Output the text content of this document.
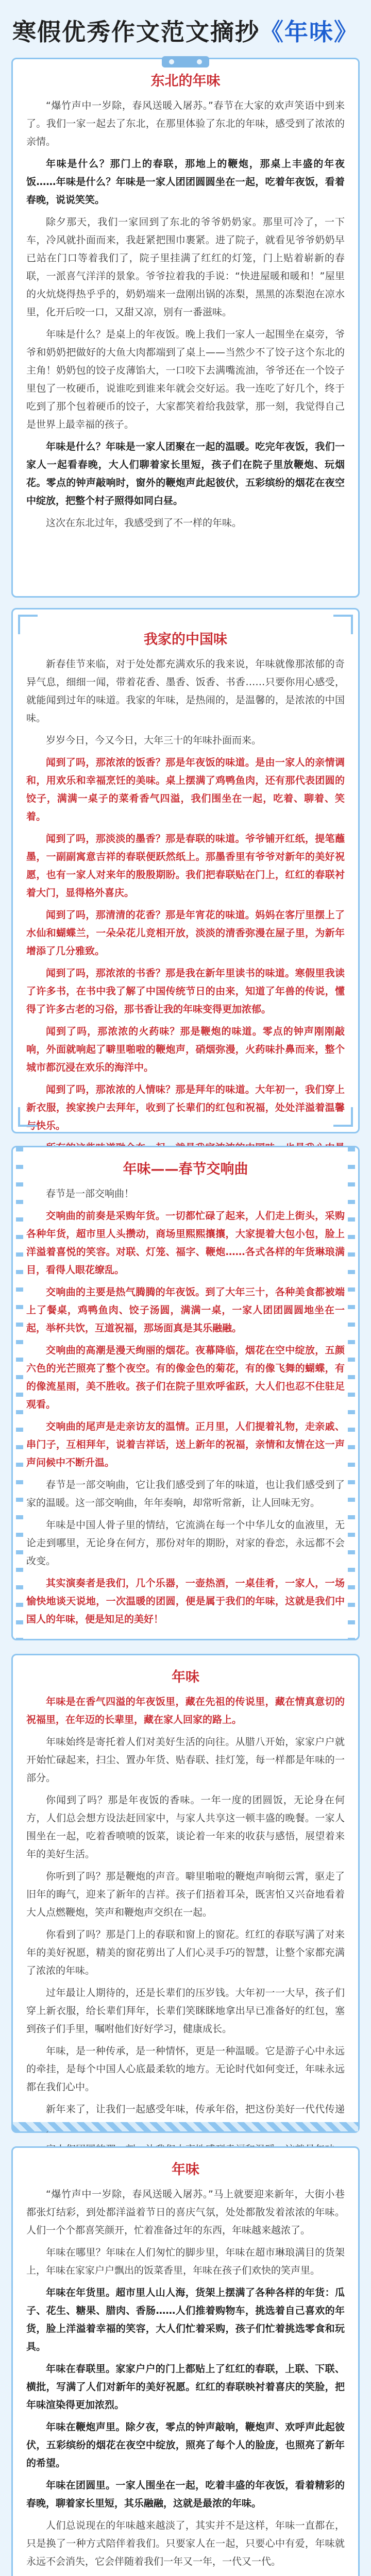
寒假优秀作文范文摘抄《年味》
东北的年味

“爆竹声中一岁除，春风送暖入屠苏。”春节在大家的欢声笑语中到来了。我们一家一起去了东北，在那里体验了东北的年味，感受到了浓浓的亲情。

年味是什么？那门上的春联，那地上的鞭炮，那桌上丰盛的年夜饭……年味是什么？年味是一家人团团圆圆坐在一起，吃着年夜饭，看着春晚，说说笑笑。

除夕那天，我们一家回到了东北的爷爷奶奶家。那里可冷了，一下车，冷风就扑面而来，我赶紧把围巾裹紧。进了院子，就看见爷爷奶奶早已站在门口等着我们了，院子里挂满了红红的灯笼，门上贴着崭新的春联，一派喜气洋洋的景象。爷爷拉着我的手说：“快进屋暖和暖和！”屋里的火炕烧得热乎乎的，奶奶端来一盘刚出锅的冻梨，黑黑的冻梨泡在凉水里，化开后咬一口，又甜又凉，别有一番滋味。

年味是什么？是桌上的年夜饭。晚上我们一家人一起围坐在桌旁，爷爷和奶奶把做好的大鱼大肉都端到了桌上——当然少不了饺子这个东北的主角！奶奶包的饺子皮薄馅大，一口咬下去满嘴流油，爷爷还在一个饺子里包了一枚硬币，说谁吃到谁来年就会交好运。我一连吃了好几个，终于吃到了那个包着硬币的饺子，大家都笑着给我鼓掌，那一刻，我觉得自己是世界上最幸福的孩子。

年味是什么？年味是一家人团聚在一起的温暖。吃完年夜饭，我们一家人一起看春晚，大人们聊着家长里短，孩子们在院子里放鞭炮、玩烟花。零点的钟声敲响时，窗外的鞭炮声此起彼伏，五彩缤纷的烟花在夜空中绽放，把整个村子照得如同白昼。

这次在东北过年，我感受到了不一样的年味。

我家的中国味

新春佳节来临，对于处处都充满欢乐的我来说，年味就像那浓郁的奇异气息，细细一闻，带着花香、墨香、饭香、书香……只要你用心感受，就能闻到过年的味道。我家的年味，是热闹的，是温馨的，是浓浓的中国味。

岁岁今日，今又今日，大年三十的年味扑面而来。

闻到了吗，那浓浓的饭香？那是年夜饭的味道。是由一家人的亲情调和，用欢乐和幸福烹饪的美味。桌上摆满了鸡鸭鱼肉，还有那代表团圆的饺子，满满一桌子的菜肴香气四溢，我们围坐在一起，吃着、聊着、笑着。

闻到了吗，那淡淡的墨香？那是春联的味道。爷爷铺开红纸，提笔蘸墨，一副副寓意吉祥的春联便跃然纸上。那墨香里有爷爷对新年的美好祝愿，也有一家人对来年的殷殷期盼。我们把春联贴在门上，红红的春联衬着大门，显得格外喜庆。

闻到了吗，那清清的花香？那是年宵花的味道。妈妈在客厅里摆上了水仙和蝴蝶兰，一朵朵花儿竞相开放，淡淡的清香弥漫在屋子里，为新年增添了几分雅致。

闻到了吗，那浓浓的书香？那是我在新年里读书的味道。寒假里我读了许多书，在书中我了解了中国传统节日的由来，知道了年兽的传说，懂得了许多古老的习俗，那书香让我的年味变得更加浓郁。

闻到了吗，那浓浓的火药味？那是鞭炮的味道。零点的钟声刚刚敲响，外面就响起了噼里啪啦的鞭炮声，硝烟弥漫，火药味扑鼻而来，整个城市都沉浸在欢乐的海洋中。

闻到了吗，那浓浓的人情味？那是拜年的味道。大年初一，我们穿上新衣服，挨家挨户去拜年，收到了长辈们的红包和祝福，处处洋溢着温馨与快乐。

年味——春节交响曲

春节是一部交响曲！

交响曲的前奏是采购年货。一切都忙碌了起来，人们走上街头，采购各种年货，超市里人头攒动，商场里熙熙攘攘，大家提着大包小包，脸上洋溢着喜悦的笑容。对联、灯笼、福字、鞭炮……各式各样的年货琳琅满目，看得人眼花缭乱。

交响曲的主要是热气腾腾的年夜饭。到了大年三十，各种美食都被端上了餐桌，鸡鸭鱼肉、饺子汤圆，满满一桌，一家人团团圆圆地坐在一起，举杯共饮，互道祝福，那场面真是其乐融融。

交响曲的高潮是漫天绚丽的烟花。夜幕降临，烟花在空中绽放，五颜六色的光芒照亮了整个夜空。有的像金色的菊花，有的像飞舞的蝴蝶，有的像流星雨，美不胜收。孩子们在院子里欢呼雀跃，大人们也忍不住驻足观看。

交响曲的尾声是走亲访友的温情。正月里，人们提着礼物，走亲戚、串门子，互相拜年，说着吉祥话，送上新年的祝福，亲情和友情在这一声声问候中不断升温。

春节是一部交响曲，它让我们感受到了年的味道，也让我们感受到了家的温暖。这一部交响曲，年年奏响，却常听常新，让人回味无穷。

年味是中国人骨子里的情结，它流淌在每一个中华儿女的血液里，无论走到哪里，无论身在何方，那份对年的期盼，对家的眷恋，永远都不会改变。

其实演奏者是我们，几个乐器，一壶热酒，一桌佳肴，一家人，一场愉快地谈天说地，一次温暖的团圆，便是属于我们的年味，这就是我们中国人的年味，便是知足的美好！

年味

年味是在香气四溢的年夜饭里，藏在先祖的传说里，藏在情真意切的祝福里，在年迈的长辈里，藏在家人回家的路上。

年味始终是寄托着人们对美好生活的向往。从腊八开始，家家户户就开始忙碌起来，扫尘、置办年货、贴春联、挂灯笼，每一样都是年味的一部分。

你闻到了吗？那是年夜饭的香味。一年一度的团圆饭，无论身在何方，人们总会想方设法赶回家中，与家人共享这一顿丰盛的晚餐。一家人围坐在一起，吃着香喷喷的饭菜，谈论着一年来的收获与感悟，展望着来年的美好生活。

你听到了吗？那是鞭炮的声音。噼里啪啦的鞭炮声响彻云霄，驱走了旧年的晦气，迎来了新年的吉祥。孩子们捂着耳朵，既害怕又兴奋地看着大人点燃鞭炮，笑声和鞭炮声交织在一起。

你看到了吗？那是门上的春联和窗上的窗花。红红的春联写满了对来年的美好祝愿，精美的窗花剪出了人们心灵手巧的智慧，让整个家都充满了浓浓的年味。

过年最让人期待的，还是长辈们的压岁钱。大年初一一大早，孩子们穿上新衣服，给长辈们拜年，长辈们笑眯眯地拿出早已准备好的红包，塞到孩子们手里，嘱咐他们好好学习，健康成长。

年味，是一种传承，是一种情怀，更是一种温暖。它是游子心中永远的牵挂，是每个中国人心底最柔软的地方。无论时代如何变迁，年味永远都在我们心中。

新年来了，让我们一起感受年味，传承年俗，把这份美好一代代传递

年味

“爆竹声中一岁除，春风送暖入屠苏。”马上就要迎来新年，大街小巷都张灯结彩，到处都洋溢着节日的喜庆气氛，处处都散发着浓浓的年味。人们一个个都喜笑颜开，忙着准备过年的东西，年味越来越浓了。

年味在哪里？年味在人们匆忙的脚步里，年味在超市琳琅满目的货架上，年味在家家户户飘出的饭菜香里，年味在孩子们欢快的笑声里。

年味在年货里。超市里人山人海，货架上摆满了各种各样的年货：瓜子、花生、糖果、腊肉、香肠……人们推着购物车，挑选着自己喜欢的年货，脸上洋溢着幸福的笑容，大人们忙着采购，孩子们忙着挑选零食和玩具。

年味在春联里。家家户户的门上都贴上了红红的春联，上联、下联、横批，写满了人们对新年的美好祝愿。红红的春联映衬着喜庆的笑脸，把年味渲染得更加浓烈。

年味在鞭炮声里。除夕夜，零点的钟声敲响，鞭炮声、欢呼声此起彼伏，五彩缤纷的烟花在夜空中绽放，照亮了每个人的脸庞，也照亮了新年的希望。

年味在团圆里。一家人围坐在一起，吃着丰盛的年夜饭，看着精彩的春晚，聊着家长里短，其乐融融，这就是最浓的年味。

人们总说现在的年味越来越淡了，其实并不是这样，年味一直都在，只是换了一种方式陪伴着我们。只要家人在一起，只要心中有爱，年味就永远不会消失，它会伴随着我们一年又一年，一代又一代。
